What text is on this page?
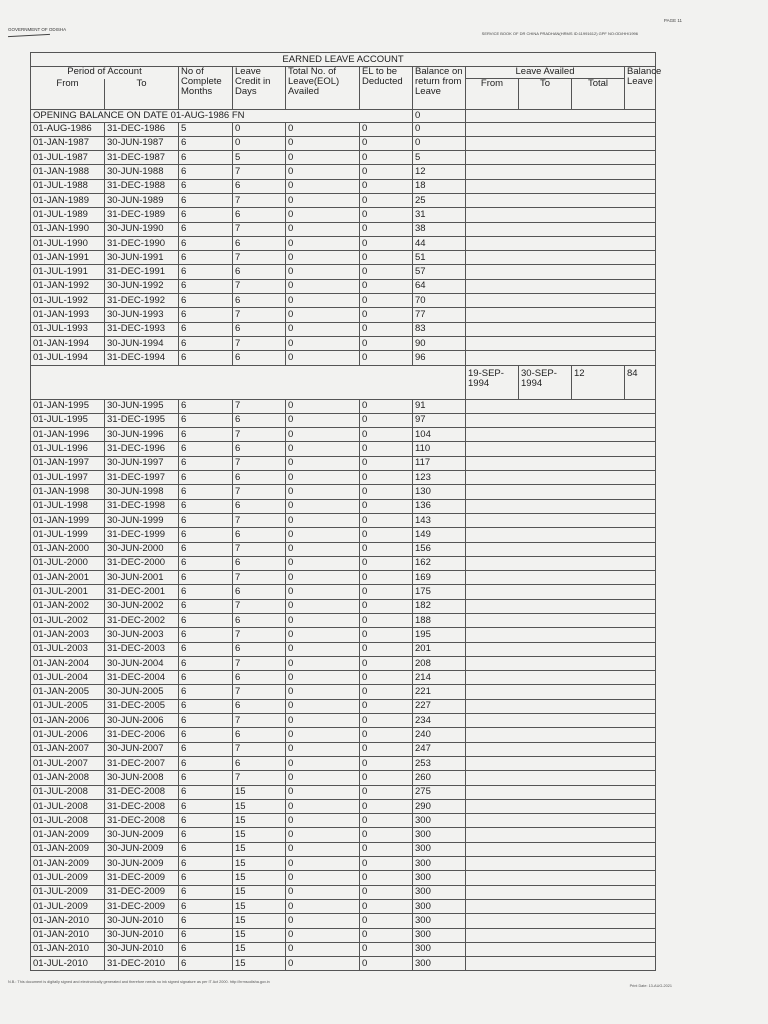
PAGE 11
GOVERNMENT OF ODISHA
SERVICE BOOK OF DR CHINA PRADHAN(HRMS ID:11991612) GPF NO:OD/HH/1996
EARNED LEAVE ACCOUNT										
Period of Account		No of Complete Months	Leave Credit in Days	Total No. of Leave(EOL) Availed	EL to be Deducted	Balance on return from Leave	Leave Availed			Balance Leave
From	To						From	To	Total	
OPENING BALANCE ON DATE 01-AUG-1986 FN						0				
01-AUG-1986	31-DEC-1986	5	0	0	0	0				
01-JAN-1987	30-JUN-1987	6	0	0	0	0				
01-JUL-1987	31-DEC-1987	6	5	0	0	5				
01-JAN-1988	30-JUN-1988	6	7	0	0	12				
01-JUL-1988	31-DEC-1988	6	6	0	0	18				
01-JAN-1989	30-JUN-1989	6	7	0	0	25				
01-JUL-1989	31-DEC-1989	6	6	0	0	31				
01-JAN-1990	30-JUN-1990	6	7	0	0	38				
01-JUL-1990	31-DEC-1990	6	6	0	0	44				
01-JAN-1991	30-JUN-1991	6	7	0	0	51				
01-JUL-1991	31-DEC-1991	6	6	0	0	57				
01-JAN-1992	30-JUN-1992	6	7	0	0	64				
01-JUL-1992	31-DEC-1992	6	6	0	0	70				
01-JAN-1993	30-JUN-1993	6	7	0	0	77				
01-JUL-1993	31-DEC-1993	6	6	0	0	83				
01-JAN-1994	30-JUN-1994	6	7	0	0	90				
01-JUL-1994	31-DEC-1994	6	6	0	0	96				
							19-SEP-1994	30-SEP-1994	12	84
01-JAN-1995	30-JUN-1995	6	7	0	0	91				
01-JUL-1995	31-DEC-1995	6	6	0	0	97				
01-JAN-1996	30-JUN-1996	6	7	0	0	104				
01-JUL-1996	31-DEC-1996	6	6	0	0	110				
01-JAN-1997	30-JUN-1997	6	7	0	0	117				
01-JUL-1997	31-DEC-1997	6	6	0	0	123				
01-JAN-1998	30-JUN-1998	6	7	0	0	130				
01-JUL-1998	31-DEC-1998	6	6	0	0	136				
01-JAN-1999	30-JUN-1999	6	7	0	0	143				
01-JUL-1999	31-DEC-1999	6	6	0	0	149				
01-JAN-2000	30-JUN-2000	6	7	0	0	156				
01-JUL-2000	31-DEC-2000	6	6	0	0	162				
01-JAN-2001	30-JUN-2001	6	7	0	0	169				
01-JUL-2001	31-DEC-2001	6	6	0	0	175				
01-JAN-2002	30-JUN-2002	6	7	0	0	182				
01-JUL-2002	31-DEC-2002	6	6	0	0	188				
01-JAN-2003	30-JUN-2003	6	7	0	0	195				
01-JUL-2003	31-DEC-2003	6	6	0	0	201				
01-JAN-2004	30-JUN-2004	6	7	0	0	208				
01-JUL-2004	31-DEC-2004	6	6	0	0	214				
01-JAN-2005	30-JUN-2005	6	7	0	0	221				
01-JUL-2005	31-DEC-2005	6	6	0	0	227				
01-JAN-2006	30-JUN-2006	6	7	0	0	234				
01-JUL-2006	31-DEC-2006	6	6	0	0	240				
01-JAN-2007	30-JUN-2007	6	7	0	0	247				
01-JUL-2007	31-DEC-2007	6	6	0	0	253				
01-JAN-2008	30-JUN-2008	6	7	0	0	260				
01-JUL-2008	31-DEC-2008	6	15	0	0	275				
01-JUL-2008	31-DEC-2008	6	15	0	0	290				
01-JUL-2008	31-DEC-2008	6	15	0	0	300				
01-JAN-2009	30-JUN-2009	6	15	0	0	300				
01-JAN-2009	30-JUN-2009	6	15	0	0	300				
01-JAN-2009	30-JUN-2009	6	15	0	0	300				
01-JUL-2009	31-DEC-2009	6	15	0	0	300				
01-JUL-2009	31-DEC-2009	6	15	0	0	300				
01-JUL-2009	31-DEC-2009	6	15	0	0	300				
01-JAN-2010	30-JUN-2010	6	15	0	0	300				
01-JAN-2010	30-JUN-2010	6	15	0	0	300				
01-JAN-2010	30-JUN-2010	6	15	0	0	300				
01-JUL-2010	31-DEC-2010	6	15	0	0	300				
N.B.: This document is digitally signed and electronically generated and therefore needs no ink signed signature as per IT Act 2000. http://hrmsodisha.gov.in
Print Date: 13-AUG-2021
